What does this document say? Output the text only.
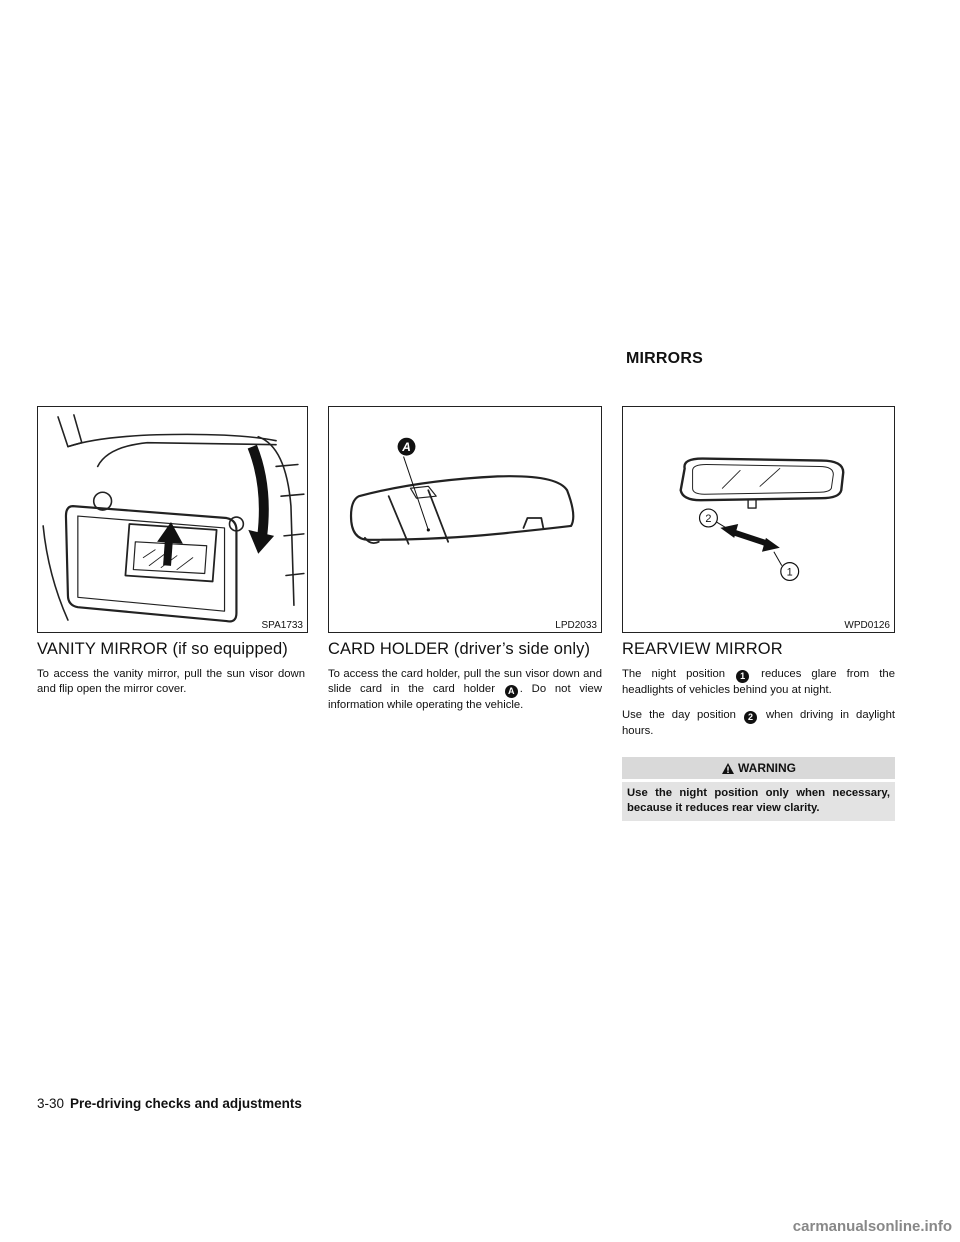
MIRRORS
SPA1733
A
LPD2033
2
1
WPD0126
VANITY MIRROR (if so equipped)

To access the vanity mirror, pull the sun visor down and flip open the mirror cover.

CARD HOLDER (driver’s side only)

To access the card holder, pull the sun visor down and slide card in the card holder A . Do not view information while operating the vehicle.

REARVIEW MIRROR

The night position 1 reduces glare from the headlights of vehicles behind you at night.

Use the day position 2 when driving in daylight hours.

WARNING
Use the night position only when necessary, because it reduces rear view clarity.
3-30 Pre-driving checks and adjustments
carmanualsonline.info
